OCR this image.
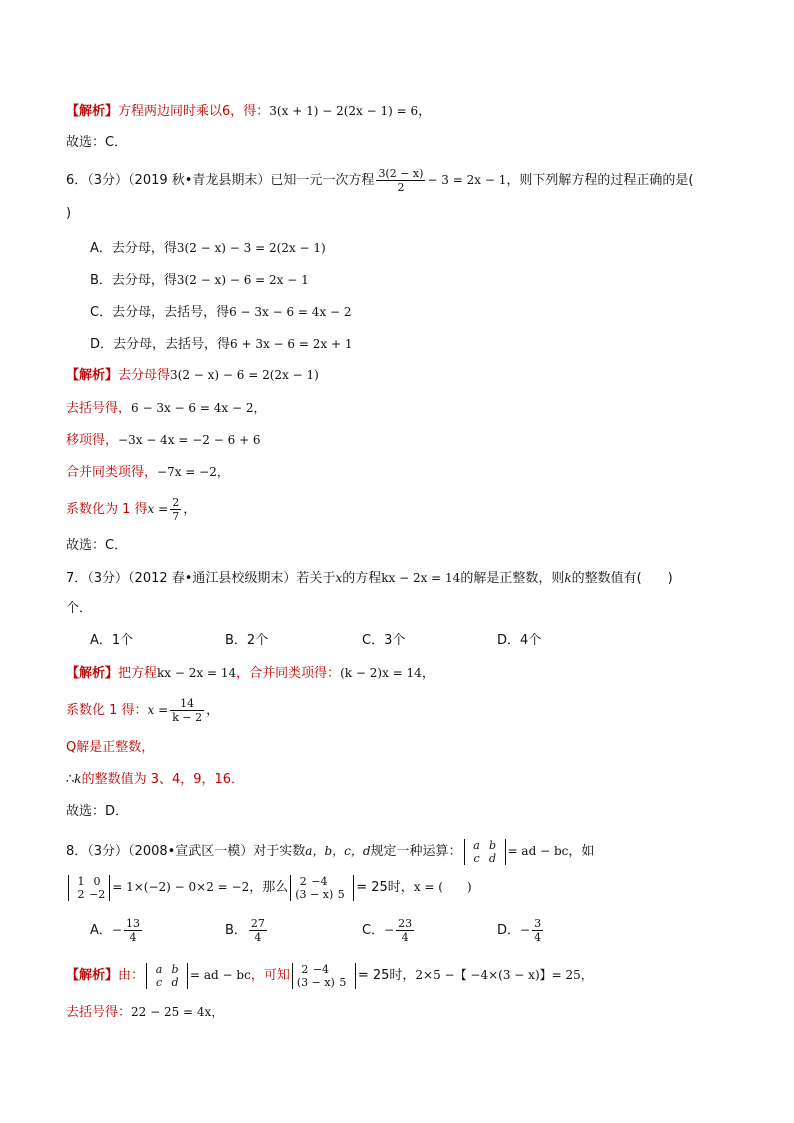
【解析】方程两边同时乘以6，得：3(x + 1) − 2(2x − 1) = 6，
故选：C．
6．（3分）（2019 秋•青龙县期末）已知一元一次方程 $\frac{3(2 - x)}{2} - 3 = 2x - 1$，则下列解方程的过程正确的是(
)
A．去分母，得3(2 − x) − 3 = 2(2x − 1)
B．去分母，得3(2 − x) − 6 = 2x − 1
C．去分母，去括号，得6 − 3x − 6 = 4x − 2
D．去分母，去括号，得6 + 3x − 6 = 2x + 1
【解析】去分母得3(2 − x) − 6 = 2(2x − 1)
去括号得，6 − 3x − 6 = 4x − 2，
移项得，−3x − 4x = −2 − 6 + 6
合并同类项得，−7x = −2，
系数化为 1 得$x = \frac{2}{7}$ ，
故选：C．
7．（3分）（2012 春•通江县校级期末）若关于x的方程kx − 2x = 14的解是正整数，则k的整数值有(　　)
个．
A．1个	B．2个	C．3个	D．4个
【解析】把方程kx − 2x = 14，合并同类项得：(k − 2)x = 14，
系数化 1 得：$x = \frac{14}{k - 2}$ ，
Q解是正整数，
∴k的整数值为 3、4，9，16．
故选：D．
8．（3分）（2008•宣武区一模）对于实数a，b，c，d规定一种运算：	a b
c d = ad − bc，如
1 0
2 −2 = 1×(−2) − 0×2 = −2，那么	2 −4
(3 − x) 5 = 25时，x = (　　)
A．− $\frac{13}{4}$	B． $\frac{27}{4}$	C．− $\frac{23}{4}$	D．− $\frac{3}{4}$
【解析】由：	a b
c d = ad − bc，可知	2 −4
(3 − x) 5 = 25时，2×5 −【 −4×(3 − x)】= 25，
去括号得：22 − 25 = 4x，
